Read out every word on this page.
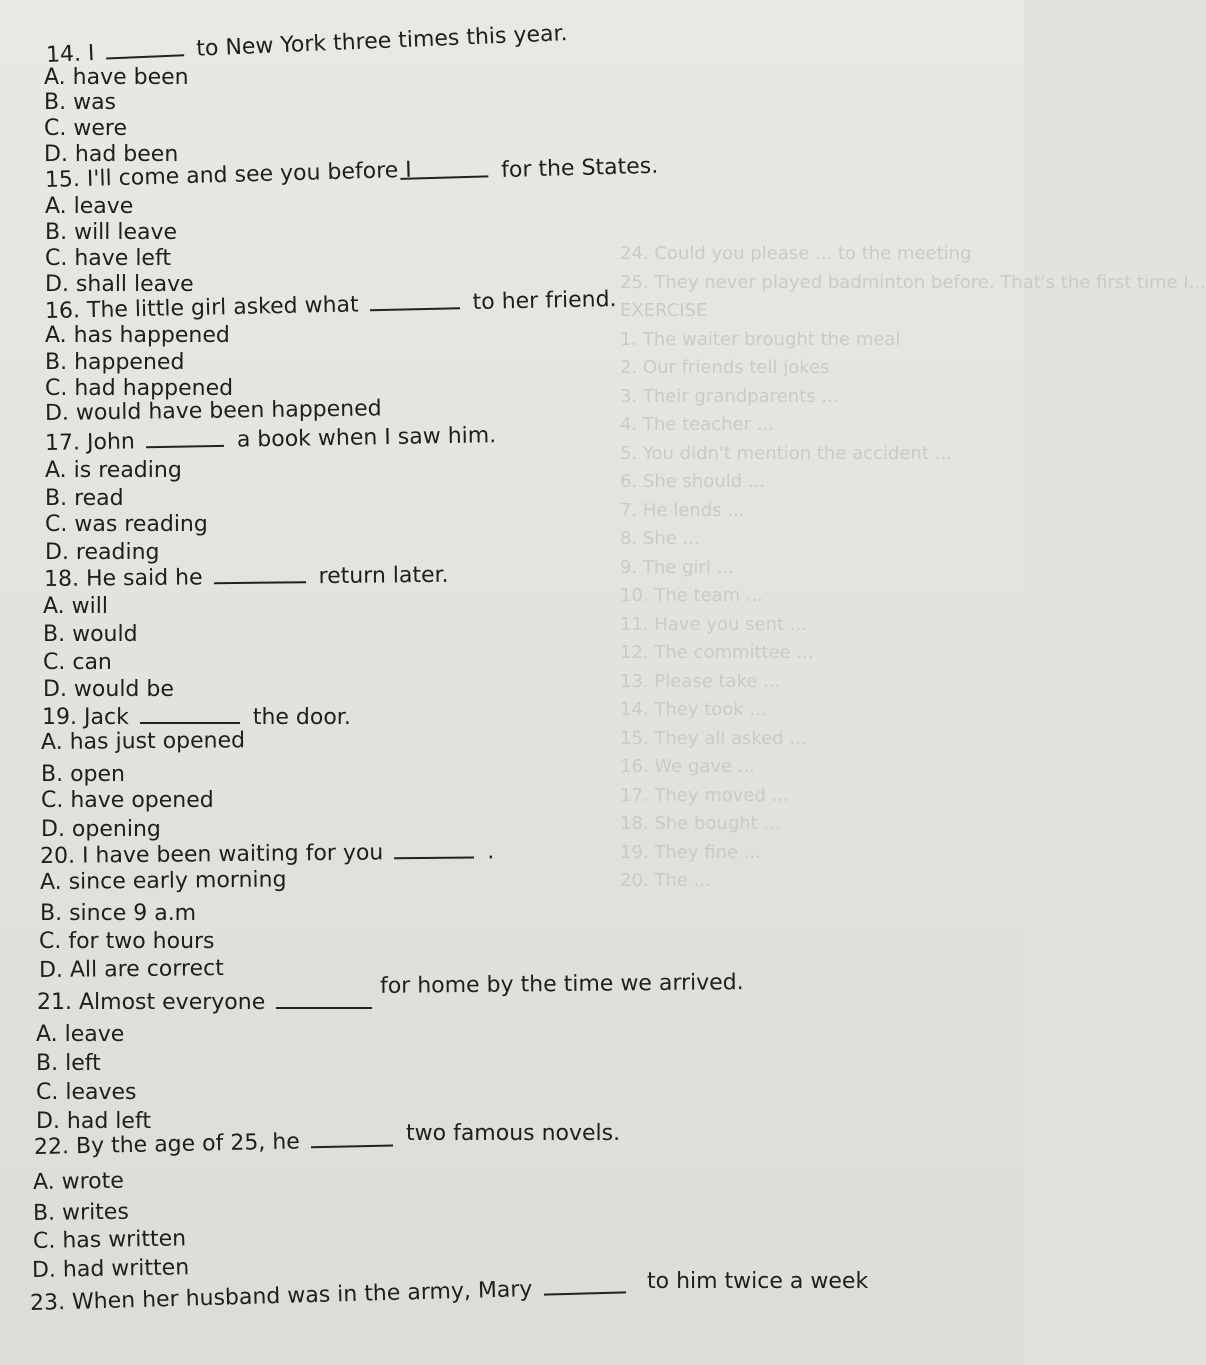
14. I	to New York three times this year.
A. have been
B. was
C. were
D. had been
15. I'll come and see you before I	for the States.
A. leave
B. will leave
C. have left
D. shall leave
16. The little girl asked what	to her friend.
A. has happened
B. happened
C. had happened
D. would have been happened
17. John	a book when I saw him.
A. is reading
B. read
C. was reading
D. reading
18. He said he	return later.
A. will
B. would
C. can
D. would be
19. Jack	the door.
A. has just opened
B. open
C. have opened
D. opening
20. I have been waiting for you	.
A. since early morning
B. since 9 a.m
C. for two hours
D. All are correct
21. Almost everyone
for home by the time we arrived.
A. leave
B. left
C. leaves
D. had left
22. By the age of 25, he	two famous novels.
A. wrote
B. writes
C. has written
D. had written
23. When her husband was in the army, Mary	to him twice a week
24. Could you please ... to the meeting
25. They never played badminton before. That's the first time I...
EXERCISE
1. The waiter brought the meal
2. Our friends tell jokes
3. Their grandparents ...
4. The teacher ...
5. You didn't mention the accident ...
6. She should ...
7. He lends ...
8. She ...
9. The girl ...
10. The team ...
11. Have you sent ...
12. The committee ...
13. Please take ...
14. They took ...
15. They all asked ...
16. We gave ...
17. They moved ...
18. She bought ...
19. They fine ...
20. The ...
